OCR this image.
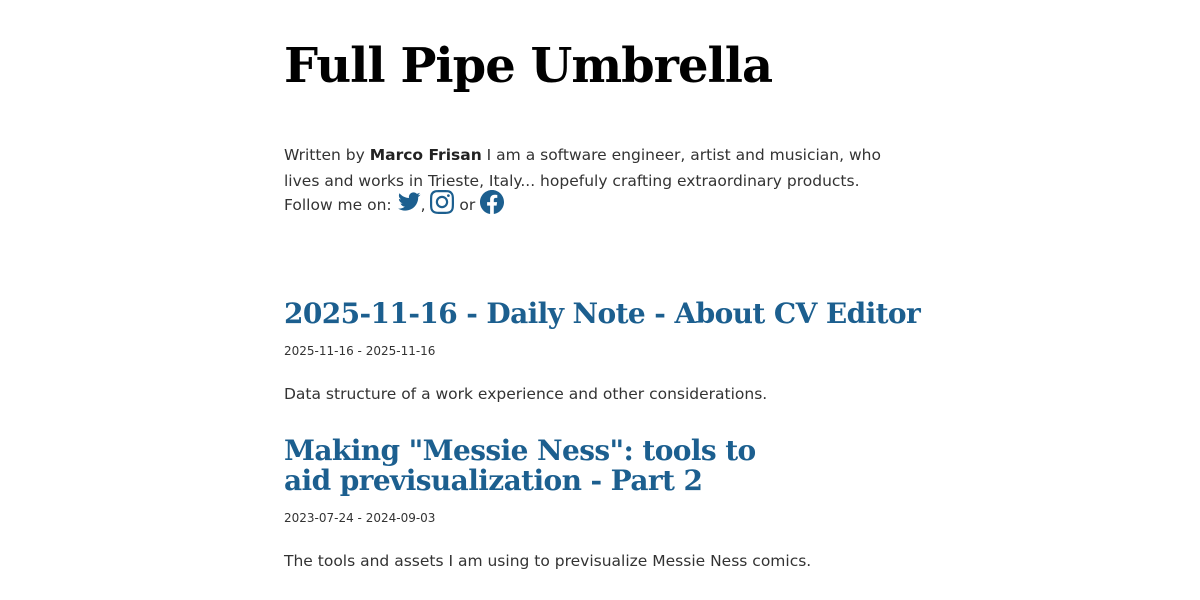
Full Pipe Umbrella
Written by Marco Frisan I am a software engineer, artist and musician, who lives and works in Trieste, Italy... hopefuly crafting extraordinary products.
Follow me on: ,  or
2025-11-16 - Daily Note - About CV Editor
2025-11-16 - 2025-11-16
Data structure of a work experience and other considerations.
Making "Messie Ness": tools to aid previsualization - Part 2
2023-07-24 - 2024-09-03
The tools and assets I am using to previsualize Messie Ness comics.
